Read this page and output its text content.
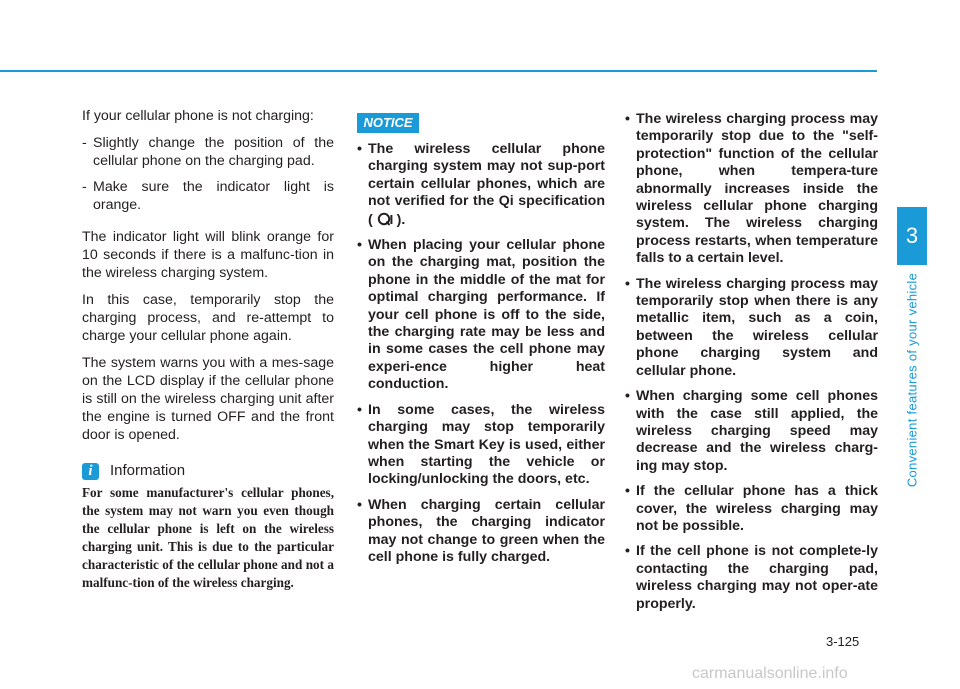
If your cellular phone is not charging:

- Slightly change the position of the cellular phone on the charging pad.
- Make sure the indicator light is orange.

The indicator light will blink orange for 10 seconds if there is a malfunc-tion in the wireless charging system.

In this case, temporarily stop the charging process, and re-attempt to charge your cellular phone again.

The system warns you with a mes-sage on the LCD display if the cellular phone is still on the wireless charging unit after the engine is turned OFF and the front door is opened.

i	Information

For some manufacturer's cellular phones, the system may not warn you even though the cellular phone is left on the wireless charging unit. This is due to the particular characteristic of the cellular phone and not a malfunc-tion of the wireless charging.

NOTICE
• The wireless cellular phone charging system may not sup-port certain cellular phones, which are not verified for the Qi specification ( ).
• When placing your cellular phone on the charging mat, position the phone in the middle of the mat for optimal charging performance. If your cell phone is off to the side, the charging rate may be less and in some cases the cell phone may experi-ence higher heat conduction.
• In some cases, the wireless charging may stop temporarily when the Smart Key is used, either when starting the vehicle or locking/unlocking the doors, etc.
• When charging certain cellular phones, the charging indicator may not change to green when the cell phone is fully charged.
• The wireless charging process may temporarily stop due to the "self-protection" function of the cellular phone, when tempera-ture abnormally increases inside the wireless cellular phone charging system. The wireless charging process restarts, when temperature falls to a certain level.
• The wireless charging process may temporarily stop when there is any metallic item, such as a coin, between the wireless cellular phone charging system and cellular phone.
• When charging some cell phones with the case still applied, the wireless charging speed may decrease and the wireless charg-ing may stop.
• If the cellular phone has a thick cover, the wireless charging may not be possible.
• If the cell phone is not complete-ly contacting the charging pad, wireless charging may not oper-ate properly.
3
Convenient features of your vehicle
3-125
carmanualsonline.info
